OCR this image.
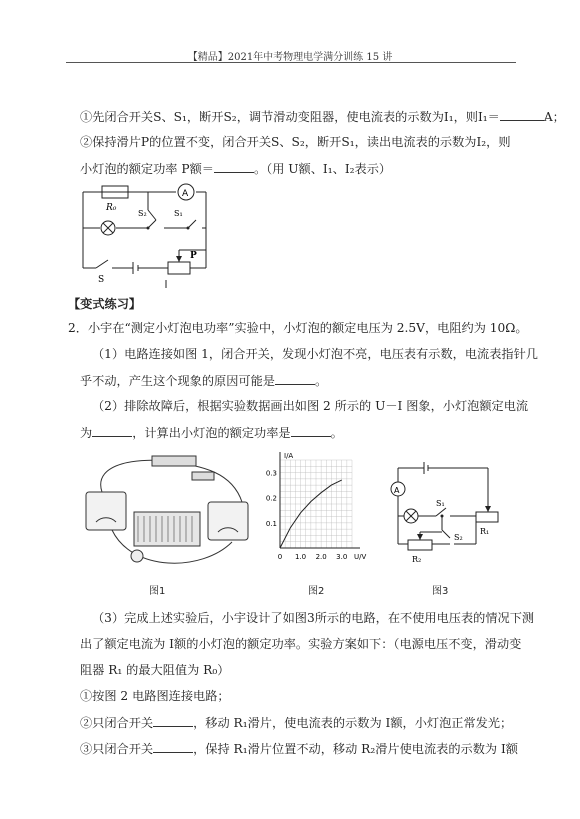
【精品】2021年中考物理电学满分训练 15 讲
①先闭合开关S、S₁，断开S₂，调节滑动变阻器，使电流表的示数为I₁，则I₁＝	A；
②保持滑片P的位置不变，闭合开关S、S₂，断开S₁，读出电流表的示数为I₂，则
小灯泡的额定功率 P额＝	。（用 U额、I₁、I₂表示）
A
R₀
S₂	S₁
S
P
【变式练习】
2．小宇在“测定小灯泡电功率”实验中，小灯泡的额定电压为 2.5V，电阻约为 10Ω。
（1）电路连接如图 1，闭合开关，发现小灯泡不亮，电压表有示数，电流表指针几
乎不动，产生这个现象的原因可能是	。
（2）排除故障后，根据实验数据画出如图 2 所示的 U－I 图象，小灯泡额定电流
为	，计算出小灯泡的额定功率是	。
图1
0 1.0 2.0 3.0
0.1
0.2
0.3
I/A
U/V
图2
A
S₁
S₂
R₁
R₂
图3
（3）完成上述实验后，小宇设计了如图3所示的电路，在不使用电压表的情况下测
出了额定电流为 I额的小灯泡的额定功率。实验方案如下：（电源电压不变，滑动变
阻器 R₁ 的最大阻值为 R₀）
①按图 2 电路图连接电路；
②只闭合开关	，移动 R₁滑片，使电流表的示数为 I额，小灯泡正常发光；
③只闭合开关	，保持 R₁滑片位置不动，移动 R₂滑片使电流表的示数为 I额
